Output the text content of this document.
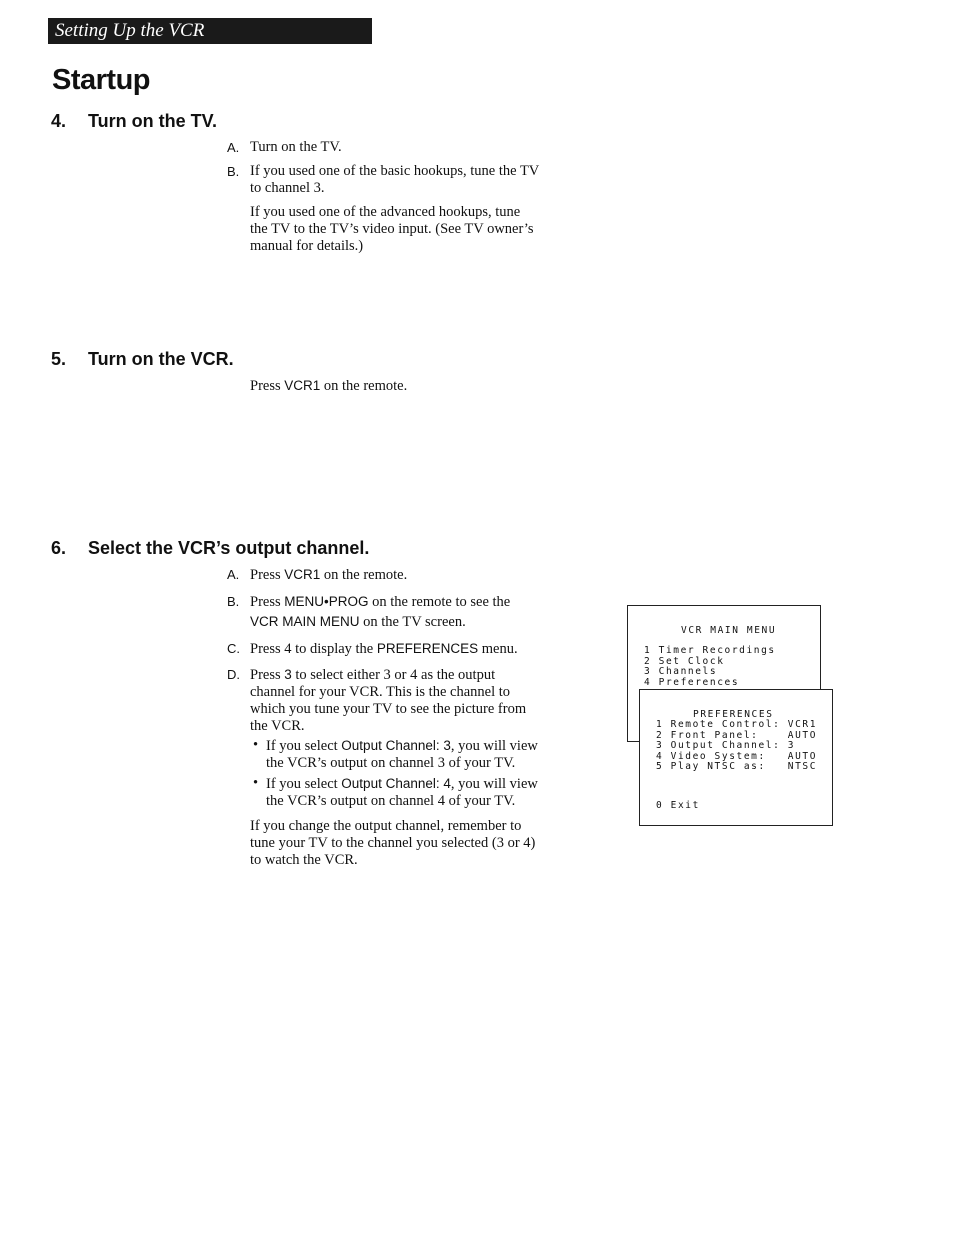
Setting Up the VCR
Startup
4. Turn on the TV.
A. Turn on the TV.
B. If you used one of the basic hookups, tune the TV to channel 3.

If you used one of the advanced hookups, tune the TV to the TV’s video input. (See TV owner’s manual for details.)

5. Turn on the VCR.

Press VCR1 on the remote.

6. Select the VCR’s output channel.
A. Press VCR1 on the remote.
B. Press MENU•PROG on the remote to see the VCR MAIN MENU on the TV screen.
C. Press 4 to display the PREFERENCES menu.
D. Press 3 to select either 3 or 4 as the output channel for your VCR. This is the channel to which you tune your TV to see the picture from the VCR.
• If you select Output Channel: 3, you will view the VCR’s output on channel 3 of your TV.
• If you select Output Channel: 4, you will view the VCR’s output on channel 4 of your TV.

If you change the output channel, remember to tune your TV to the channel you selected (3 or 4) to watch the VCR.

VCR MAIN MENU
1 Timer Recordings
2 Set Clock
3 Channels
4 Preferences
PREFERENCES
1 Remote Control: VCR1
2 Front Panel:    AUTO
3 Output Channel: 3
4 Video System:   AUTO
5 Play NTSC as:   NTSC
0 Exit
